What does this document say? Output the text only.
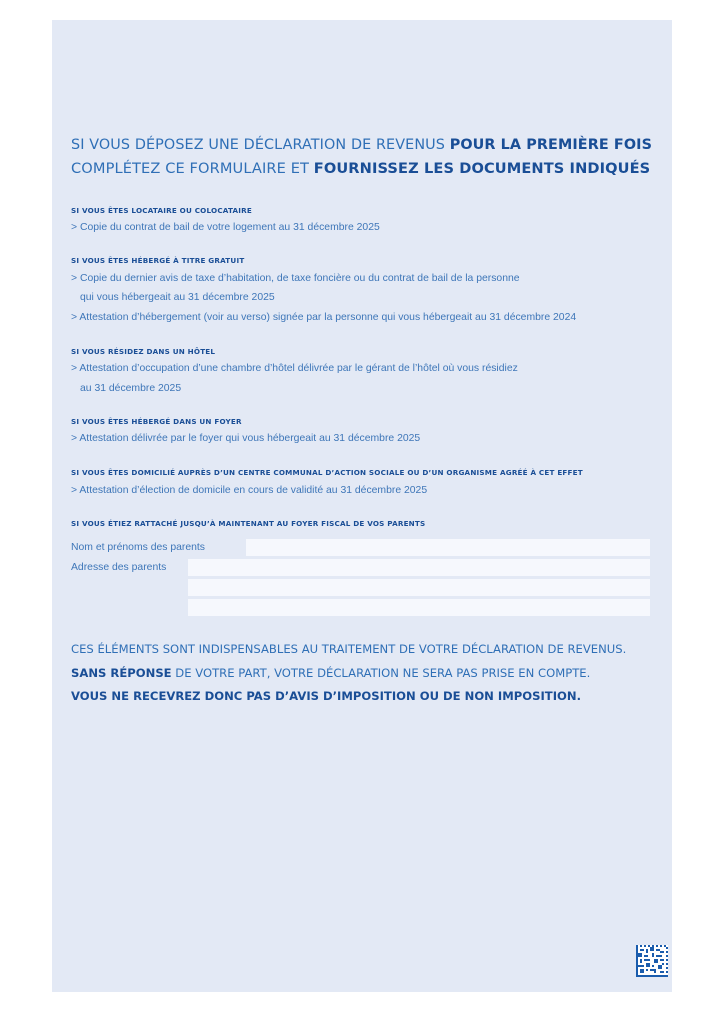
SI VOUS DÉPOSEZ UNE DÉCLARATION DE REVENUS POUR LA PREMIÈRE FOIS
COMPLÉTEZ CE FORMULAIRE ET FOURNISSEZ LES DOCUMENTS INDIQUÉS
SI VOUS ÊTES LOCATAIRE OU COLOCATAIRE
> Copie du contrat de bail de votre logement au 31 décembre 2025
SI VOUS ÊTES HÉBERGÉ À TITRE GRATUIT
> Copie du dernier avis de taxe d’habitation, de taxe foncière ou du contrat de bail de la personne
qui vous hébergeait au 31 décembre 2025
> Attestation d’hébergement (voir au verso) signée par la personne qui vous hébergeait au 31 décembre 2024
SI VOUS RÉSIDEZ DANS UN HÔTEL
> Attestation d’occupation d’une chambre d’hôtel délivrée par le gérant de l’hôtel où vous résidiez
au 31 décembre 2025
SI VOUS ÊTES HÉBERGÉ DANS UN FOYER
> Attestation délivrée par le foyer qui vous hébergeait au 31 décembre 2025
SI VOUS ÊTES DOMICILIÉ AUPRÈS D’UN CENTRE COMMUNAL D’ACTION SOCIALE OU D’UN ORGANISME AGRÉÉ À CET EFFET
> Attestation d’élection de domicile en cours de validité au 31 décembre 2025
SI VOUS ÉTIEZ RATTACHÉ JUSQU’À MAINTENANT AU FOYER FISCAL DE VOS PARENTS
Nom et prénoms des parents
Adresse des parents
CES ÉLÉMENTS SONT INDISPENSABLES AU TRAITEMENT DE VOTRE DÉCLARATION DE REVENUS.
SANS RÉPONSE DE VOTRE PART, VOTRE DÉCLARATION NE SERA PAS PRISE EN COMPTE.
VOUS NE RECEVREZ DONC PAS D’AVIS D’IMPOSITION OU DE NON IMPOSITION.
